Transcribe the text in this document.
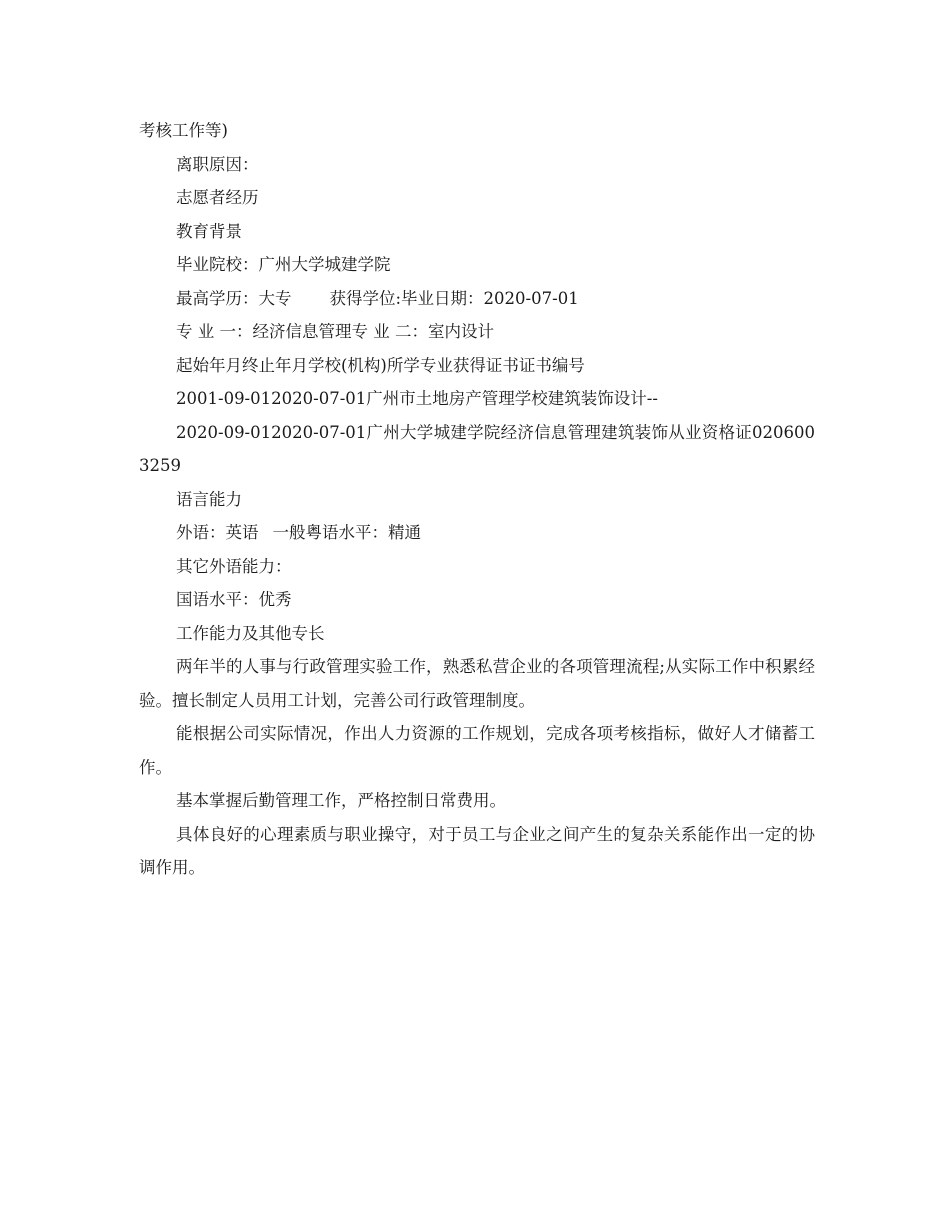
考核工作等)

离职原因：

志愿者经历

教育背景

毕业院校：广州大学城建学院

最高学历：大专 获得学位:毕业日期：2020-07-01

专 业 一：经济信息管理专 业 二：室内设计

起始年月终止年月学校(机构)所学专业获得证书证书编号

2001-09-012020-07-01广州市土地房产管理学校建筑装饰设计--

2020-09-012020-07-01广州大学城建学院经济信息管理建筑装饰从业资格证0206003259

语言能力

外语：英语 一般粤语水平：精通

其它外语能力：

国语水平：优秀

工作能力及其他专长

两年半的人事与行政管理实验工作，熟悉私营企业的各项管理流程;从实际工作中积累经验。擅长制定人员用工计划，完善公司行政管理制度。

能根据公司实际情况，作出人力资源的工作规划，完成各项考核指标，做好人才储蓄工作。

基本掌握后勤管理工作，严格控制日常费用。

具体良好的心理素质与职业操守，对于员工与企业之间产生的复杂关系能作出一定的协调作用。
